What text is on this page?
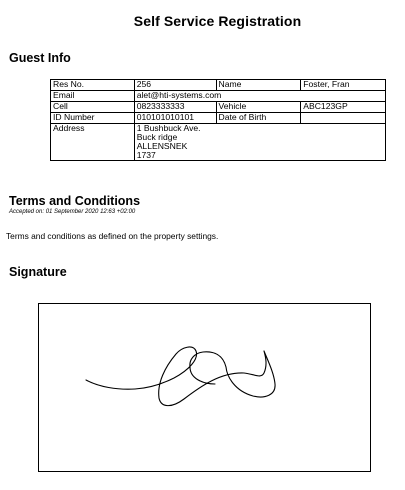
Self Service Registration
Guest Info
Res No.	256	Name	Foster, Fran
Email	alet@hti-systems.com		
Cell	0823333333	Vehicle	ABC123GP
ID Number	010101010101	Date of Birth	
Address	1 Bushbuck Ave.
Buck ridge
ALLENSNEK
1737		
Terms and Conditions
Accepted on: 01 September 2020 12:63 +02:00
Terms and conditions as defined on the property settings.
Signature
